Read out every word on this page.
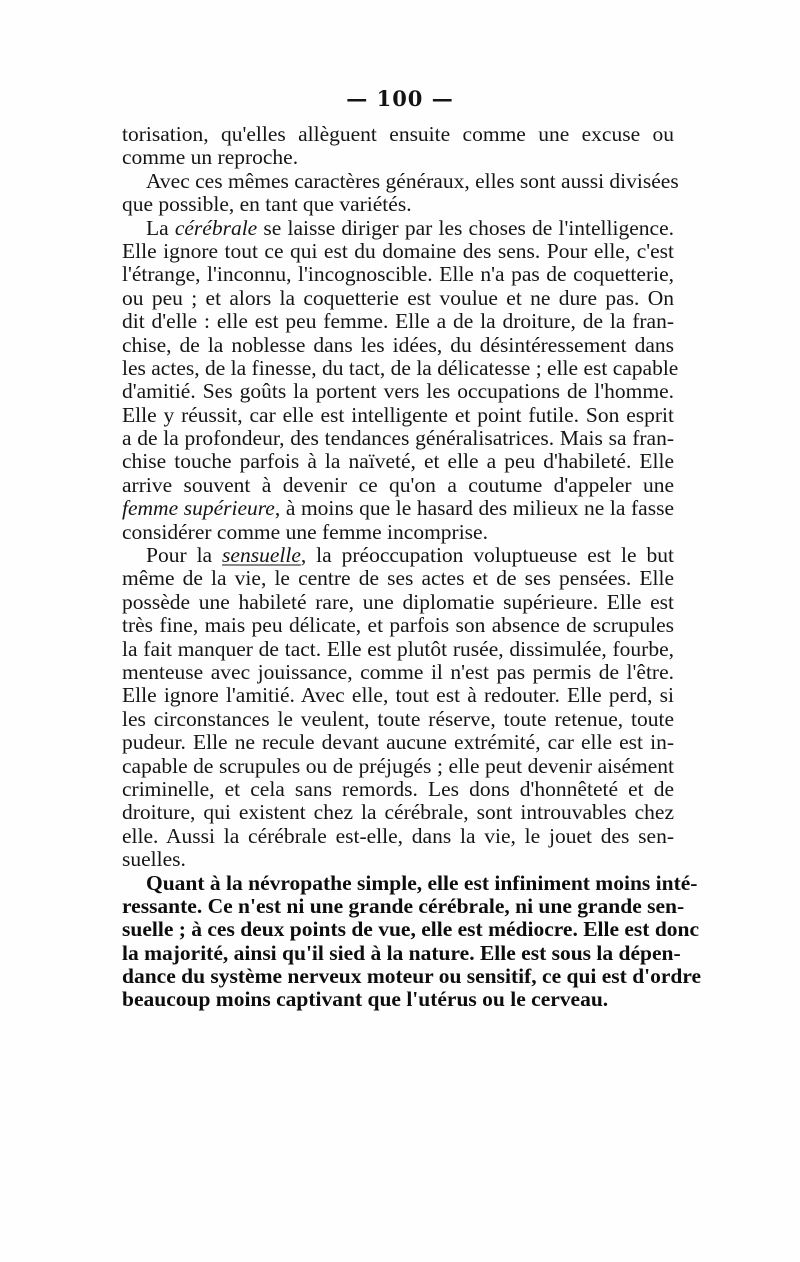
— 100 —
torisation, qu'elles allèguent ensuite comme une excuse ou
comme un reproche.
Avec ces mêmes caractères généraux, elles sont aussi divisées
que possible, en tant que variétés.
La cérébrale se laisse diriger par les choses de l'intelligence.
Elle ignore tout ce qui est du domaine des sens. Pour elle, c'est
l'étrange, l'inconnu, l'incognoscible. Elle n'a pas de coquetterie,
ou peu ; et alors la coquetterie est voulue et ne dure pas. On
dit d'elle : elle est peu femme. Elle a de la droiture, de la fran-
chise, de la noblesse dans les idées, du désintéressement dans
les actes, de la finesse, du tact, de la délicatesse ; elle est capable
d'amitié. Ses goûts la portent vers les occupations de l'homme.
Elle y réussit, car elle est intelligente et point futile. Son esprit
a de la profondeur, des tendances généralisatrices. Mais sa fran-
chise touche parfois à la naïveté, et elle a peu d'habileté. Elle
arrive souvent à devenir ce qu'on a coutume d'appeler une
femme supérieure, à moins que le hasard des milieux ne la fasse
considérer comme une femme incomprise.
Pour la sensuelle, la préoccupation voluptueuse est le but
même de la vie, le centre de ses actes et de ses pensées. Elle
possède une habileté rare, une diplomatie supérieure. Elle est
très fine, mais peu délicate, et parfois son absence de scrupules
la fait manquer de tact. Elle est plutôt rusée, dissimulée, fourbe,
menteuse avec jouissance, comme il n'est pas permis de l'être.
Elle ignore l'amitié. Avec elle, tout est à redouter. Elle perd, si
les circonstances le veulent, toute réserve, toute retenue, toute
pudeur. Elle ne recule devant aucune extrémité, car elle est in-
capable de scrupules ou de préjugés ; elle peut devenir aisément
criminelle, et cela sans remords. Les dons d'honnêteté et de
droiture, qui existent chez la cérébrale, sont introuvables chez
elle. Aussi la cérébrale est-elle, dans la vie, le jouet des sen-
suelles.
Quant à la névropathe simple, elle est infiniment moins inté-
ressante. Ce n'est ni une grande cérébrale, ni une grande sen-
suelle ; à ces deux points de vue, elle est médiocre. Elle est donc
la majorité, ainsi qu'il sied à la nature. Elle est sous la dépen-
dance du système nerveux moteur ou sensitif, ce qui est d'ordre
beaucoup moins captivant que l'utérus ou le cerveau.
